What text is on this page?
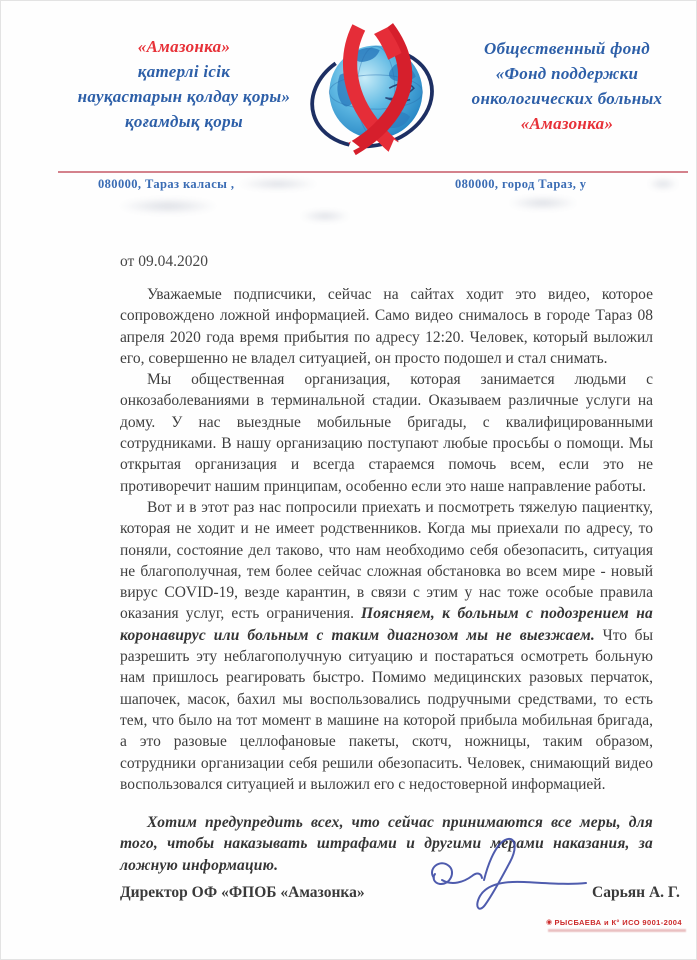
«Амазонка»
қатерлі ісік
науқастарын қолдау қоры»
қоғамдық қоры
Общественный фонд
«Фонд поддержки
онкологических больных
«Амазонка»
080000, Тараз каласы ,	080000, город Тараз, у
от 09.04.2020

Уважаемые подписчики, сейчас на сайтах ходит это видео, которое сопровождено ложной информацией. Само видео снималось в городе Тараз 08 апреля 2020 года время прибытия по адресу 12:20. Человек, который выложил его, совершенно не владел ситуацией, он просто подошел и стал снимать.

Мы общественная организация, которая занимается людьми с онкозаболеваниями в терминальной стадии. Оказываем различные услуги на дому. У нас выездные мобильные бригады, с квалифицированными сотрудниками. В нашу организацию поступают любые просьбы о помощи. Мы открытая организация и всегда стараемся помочь всем, если это не противоречит нашим принципам, особенно если это наше направление работы.

Вот и в этот раз нас попросили приехать и посмотреть тяжелую пациентку, которая не ходит и не имеет родственников. Когда мы приехали по адресу, то поняли, состояние дел таково, что нам необходимо себя обезопасить, ситуация не благополучная, тем более сейчас сложная обстановка во всем мире - новый вирус COVID-19, везде карантин, в связи с этим у нас тоже особые правила оказания услуг, есть ограничения. Поясняем, к больным с подозрением на коронавирус или больным с таким диагнозом мы не выезжаем. Что бы разрешить эту неблагополучную ситуацию и постараться осмотреть больную нам пришлось реагировать быстро. Помимо медицинских разовых перчаток, шапочек, масок, бахил мы воспользовались подручными средствами, то есть тем, что было на тот момент в машине на которой прибыла мобильная бригада, а это разовые целлофановые пакеты, скотч, ножницы, таким образом, сотрудники организации себя решили обезопасить. Человек, снимающий видео воспользовался ситуацией и выложил его с недостоверной информацией.

Хотим предупредить всех, что сейчас принимаются все меры, для того, чтобы наказывать штрафами и другими мерами наказания, за ложную информацию.

Директор ОФ «ФПОБ «Амазонка»	Сарьян А. Г.
◉ РЫСБАЕВА и К° ИСО 9001-2004
